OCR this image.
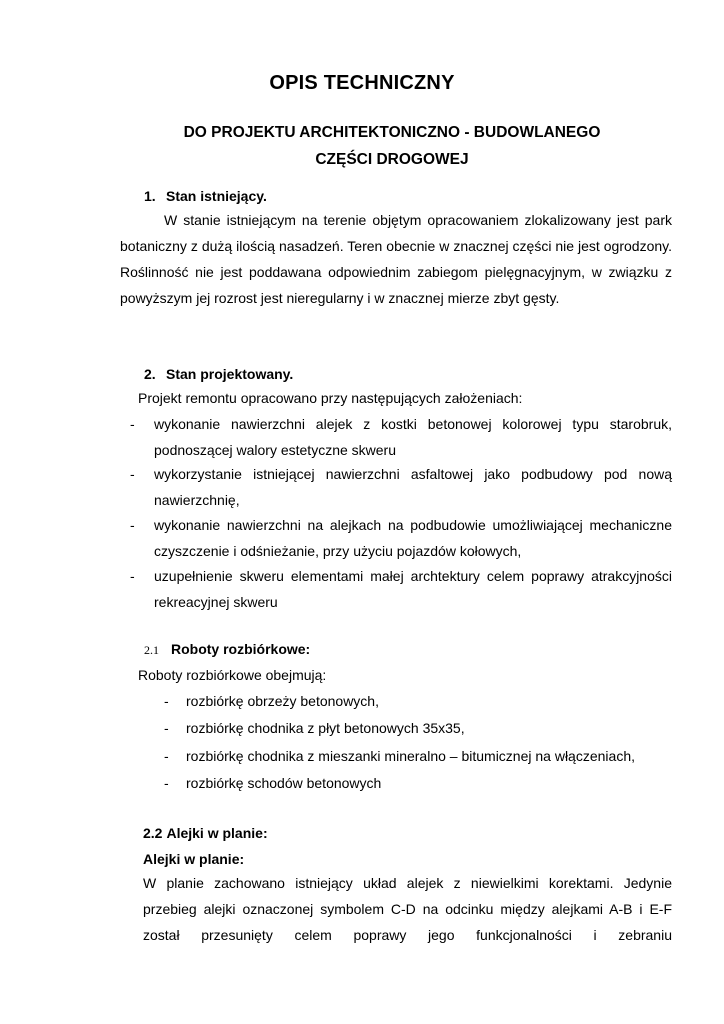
OPIS TECHNICZNY
DO PROJEKTU ARCHITEKTONICZNO - BUDOWLANEGO
CZĘŚCI DROGOWEJ
1. Stan istniejący.
W stanie istniejącym na terenie objętym opracowaniem zlokalizowany jest park botaniczny z dużą ilością nasadzeń. Teren obecnie w znacznej części nie jest ogrodzony. Roślinność nie jest poddawana odpowiednim zabiegom pielęgnacyjnym, w związku z powyższym jej rozrost jest nieregularny i w znacznej mierze zbyt gęsty.
2. Stan projektowany.
Projekt remontu opracowano przy następujących założeniach:
- wykonanie nawierzchni alejek z kostki betonowej kolorowej typu starobruk, podnoszącej walory estetyczne skweru
- wykorzystanie istniejącej nawierzchni asfaltowej jako podbudowy pod nową nawierzchnię,
- wykonanie nawierzchni na alejkach na podbudowie umożliwiającej mechaniczne czyszczenie i odśnieżanie, przy użyciu pojazdów kołowych,
- uzupełnienie skweru elementami małej archtektury celem poprawy atrakcyjności rekreacyjnej skweru
2.1 Roboty rozbiórkowe:
Roboty rozbiórkowe obejmują:
- rozbiórkę obrzeży betonowych,
- rozbiórkę chodnika z płyt betonowych 35x35,
- rozbiórkę chodnika z mieszanki mineralno – bitumicznej na włączeniach,
- rozbiórkę schodów betonowych
2.2 Alejki w planie:
Alejki w planie:
W planie zachowano istniejący układ alejek z niewielkimi korektami. Jedynie przebieg alejki oznaczonej symbolem C-D na odcinku między alejkami A-B i E-F został przesunięty celem poprawy jego funkcjonalności i zebraniu
